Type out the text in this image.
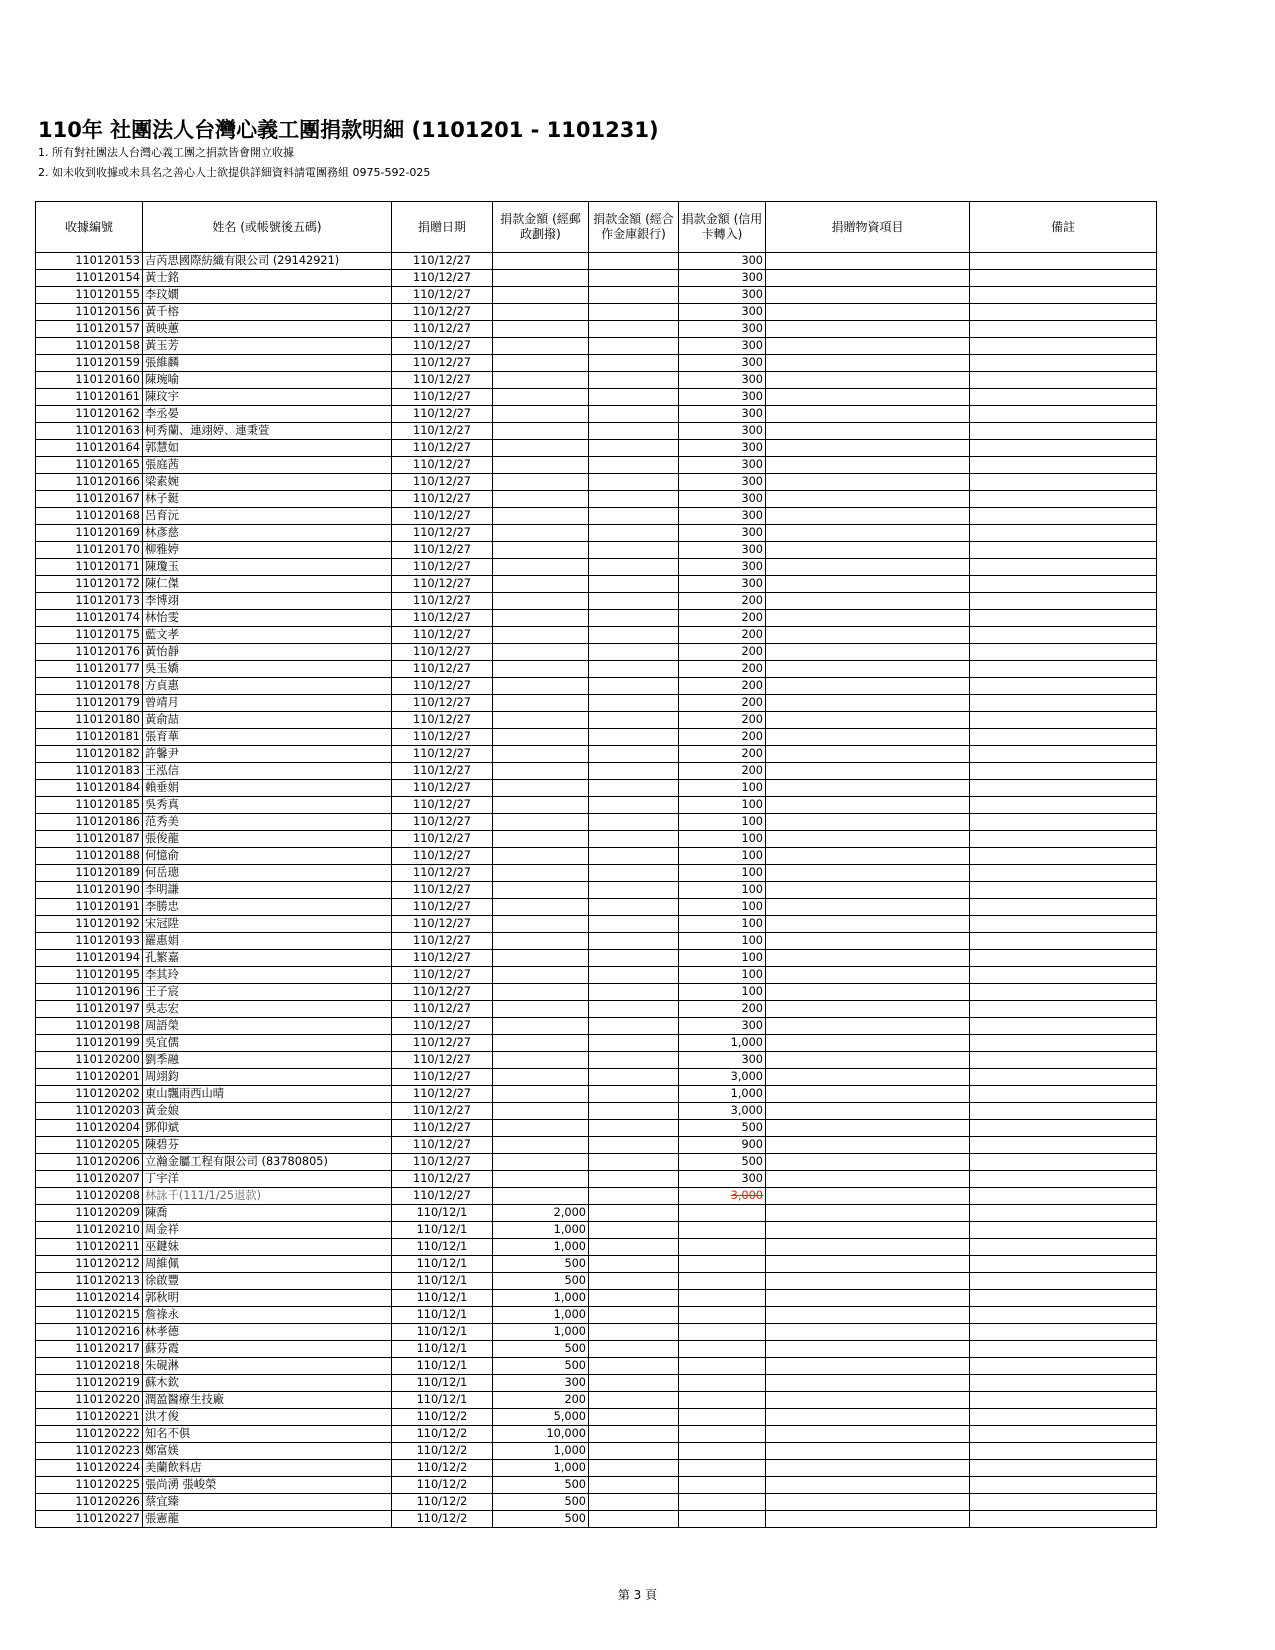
110年 社團法人台灣心義工團捐款明細 (1101201 - 1101231)
1. 所有對社團法人台灣心義工團之捐款皆會開立收據
2. 如未收到收據或未具名之善心人士欲提供詳細資料請電團務組 0975-592-025
收據編號	姓名 (或帳號後五碼)	捐贈日期	捐款金額 (經郵政劃撥)	捐款金額 (經合作金庫銀行)	捐款金額 (信用卡轉入)	捐贈物資項目	備註
110120153	吉芮思國際紡織有限公司 (29142921)	110/12/27			300		
110120154	黃士銘	110/12/27			300		
110120155	李玟嫺	110/12/27			300		
110120156	黃千榕	110/12/27			300		
110120157	黃映蕙	110/12/27			300		
110120158	黃玉芳	110/12/27			300		
110120159	張維麟	110/12/27			300		
110120160	陳琬喻	110/12/27			300		
110120161	陳玟宇	110/12/27			300		
110120162	李丞晏	110/12/27			300		
110120163	柯秀蘭、連翊婷、連秉萱	110/12/27			300		
110120164	郭慧如	110/12/27			300		
110120165	張庭茜	110/12/27			300		
110120166	梁素婉	110/12/27			300		
110120167	林子鋌	110/12/27			300		
110120168	呂育沅	110/12/27			300		
110120169	林彥慈	110/12/27			300		
110120170	柳雅婷	110/12/27			300		
110120171	陳瓊玉	110/12/27			300		
110120172	陳仁傑	110/12/27			300		
110120173	李博翊	110/12/27			200		
110120174	林怡雯	110/12/27			200		
110120175	藍文孝	110/12/27			200		
110120176	黃怡靜	110/12/27			200		
110120177	吳玉嬌	110/12/27			200		
110120178	方貞惠	110/12/27			200		
110120179	曾靖月	110/12/27			200		
110120180	黃俞喆	110/12/27			200		
110120181	張育華	110/12/27			200		
110120182	許馨尹	110/12/27			200		
110120183	王泓信	110/12/27			200		
110120184	賴垂娟	110/12/27			100		
110120185	吳秀真	110/12/27			100		
110120186	范秀美	110/12/27			100		
110120187	張俊龍	110/12/27			100		
110120188	何憶俞	110/12/27			100		
110120189	何岳璁	110/12/27			100		
110120190	李明謙	110/12/27			100		
110120191	李勝忠	110/12/27			100		
110120192	宋冠陞	110/12/27			100		
110120193	羅惠娟	110/12/27			100		
110120194	孔繁嘉	110/12/27			100		
110120195	李其玲	110/12/27			100		
110120196	王子宸	110/12/27			100		
110120197	吳志宏	110/12/27			200		
110120198	周語榮	110/12/27			300		
110120199	吳宜儒	110/12/27			1,000		
110120200	劉季融	110/12/27			300		
110120201	周翊鈞	110/12/27			3,000		
110120202	東山飄雨西山晴	110/12/27			1,000		
110120203	黃金娘	110/12/27			3,000		
110120204	鄧仰斌	110/12/27			500		
110120205	陳碧芬	110/12/27			900		
110120206	立瀚金屬工程有限公司 (83780805)	110/12/27			500		
110120207	丁宇洋	110/12/27			300		
110120208	林詠千(111/1/25退款)	110/12/27			3,000		
110120209	陳喬	110/12/1	2,000				
110120210	周金祥	110/12/1	1,000				
110120211	巫鍵妹	110/12/1	1,000				
110120212	周維佩	110/12/1	500				
110120213	徐啟豐	110/12/1	500				
110120214	郭秋明	110/12/1	1,000				
110120215	詹祿永	110/12/1	1,000				
110120216	林孝德	110/12/1	1,000				
110120217	蘇芬霞	110/12/1	500				
110120218	朱硯淋	110/12/1	500				
110120219	蘇木欽	110/12/1	300				
110120220	潤盈醫療生技廠	110/12/1	200				
110120221	洪才俊	110/12/2	5,000				
110120222	知名不俱	110/12/2	10,000				
110120223	鄭富媄	110/12/2	1,000				
110120224	美蘭飲料店	110/12/2	1,000				
110120225	張尚湧 張峻榮	110/12/2	500				
110120226	蔡宜臻	110/12/2	500				
110120227	張憲龍	110/12/2	500				
第 3 頁
